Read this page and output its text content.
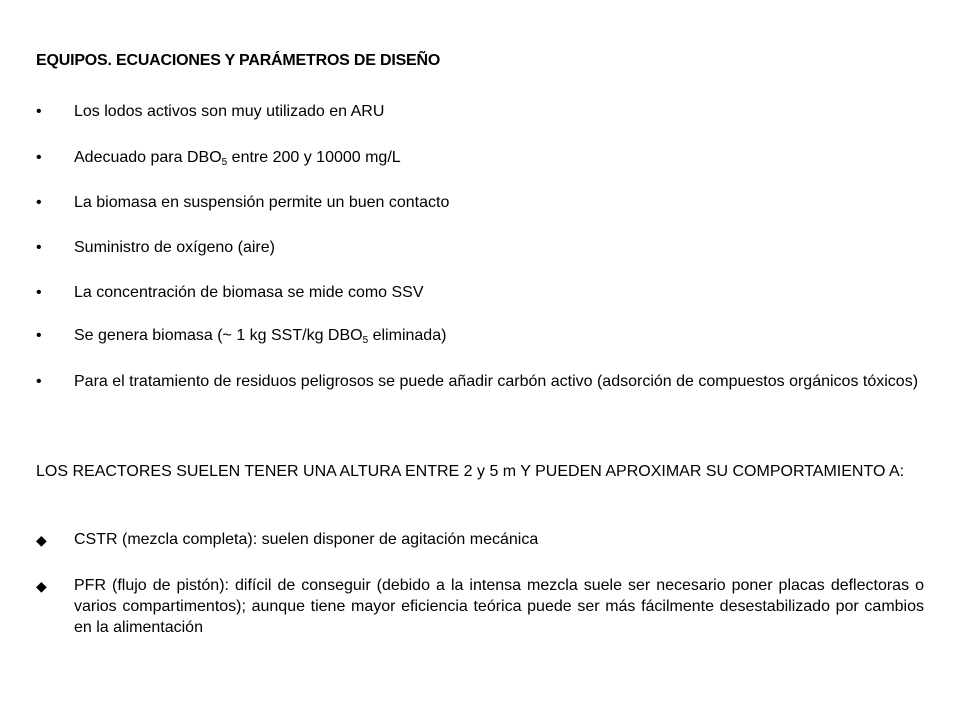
EQUIPOS. ECUACIONES Y PARÁMETROS DE DISEÑO
• Los lodos activos son muy utilizado en ARU
• Adecuado para $DBO_5$ entre 200 y 10000 mg/L
• La biomasa en suspensión permite un buen contacto
• Suministro de oxígeno (aire)
• La concentración de biomasa se mide como SSV
• Se genera biomasa (~ 1 kg SST/kg $DBO_5$ eliminada)
• Para el tratamiento de residuos peligrosos se puede añadir carbón activo (adsorción de compuestos orgánicos tóxicos)
LOS REACTORES SUELEN TENER UNA ALTURA ENTRE 2 y 5 m Y PUEDEN APROXIMAR SU COMPORTAMIENTO A:
◆ CSTR (mezcla completa): suelen disponer de agitación mecánica
◆ PFR (flujo de pistón): difícil de conseguir (debido a la intensa mezcla suele ser necesario poner placas deflectoras o varios compartimentos); aunque tiene mayor eficiencia teórica puede ser más fácilmente desestabilizado por cambios en la alimentación
